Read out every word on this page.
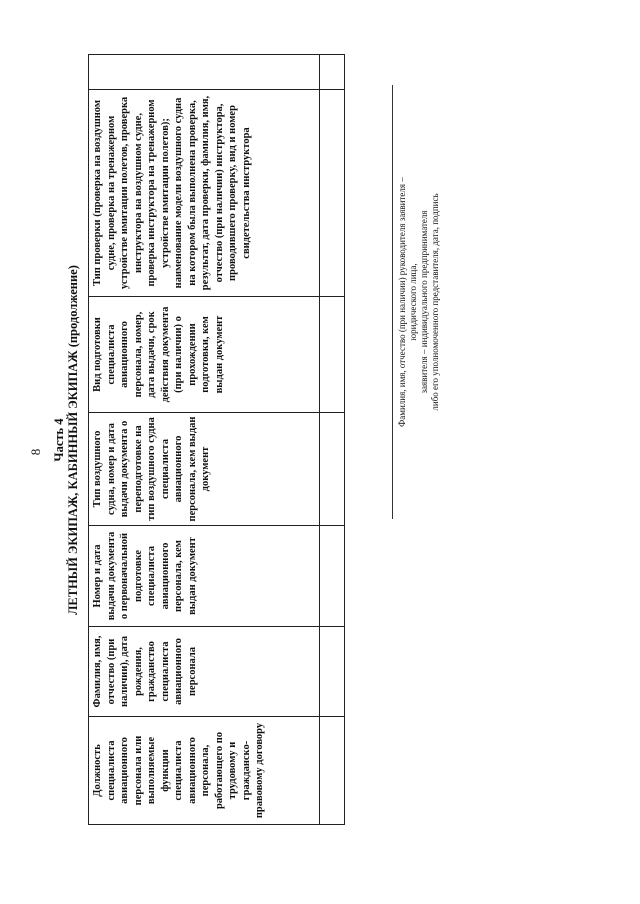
8 Часть 4 ЛЕТНЫЙ ЭКИПАЖ, КАБИННЫЙ ЭКИПАЖ (продолжение)
Должность специалиста авиационного персонала или выполняемые функции специалиста авиационного персонала, работающего по трудовому и гражданско-правовому договору	Фамилия, имя, отчество (при наличии), дата рождения, гражданство специалиста авиационного персонала	Номер и дата выдачи документа о первоначальной подготовке специалиста авиационного персонала, кем выдан документ	Тип воздушного судна, номер и дата выдачи документа о переподготовке на тип воздушного судна специалиста авиационного персонала, кем выдан документ	Вид подготовки специалиста авиационного персонала, номер, дата выдачи, срок действия документа (при наличии) о прохождении подготовки, кем выдан документ	Тип проверки (проверка на воздушном судне, проверка на тренажерном устройстве имитации полетов, проверка инструктора на воздушном судне, проверка инструктора на тренажерном устройстве имитации полетов); наименование модели воздушного судна на котором была выполнена проверка, результат, дата проверки, фамилия, имя, отчество (при наличии) инструктора, проводившего проверку, вид и номер свидетельства инструктора	
							Фамилия, имя, отчество (при наличии) руководителя заявителя – юридического лица, заявителя – индивидуального предпринимателя либо его уполномоченного представителя, дата, подпись
